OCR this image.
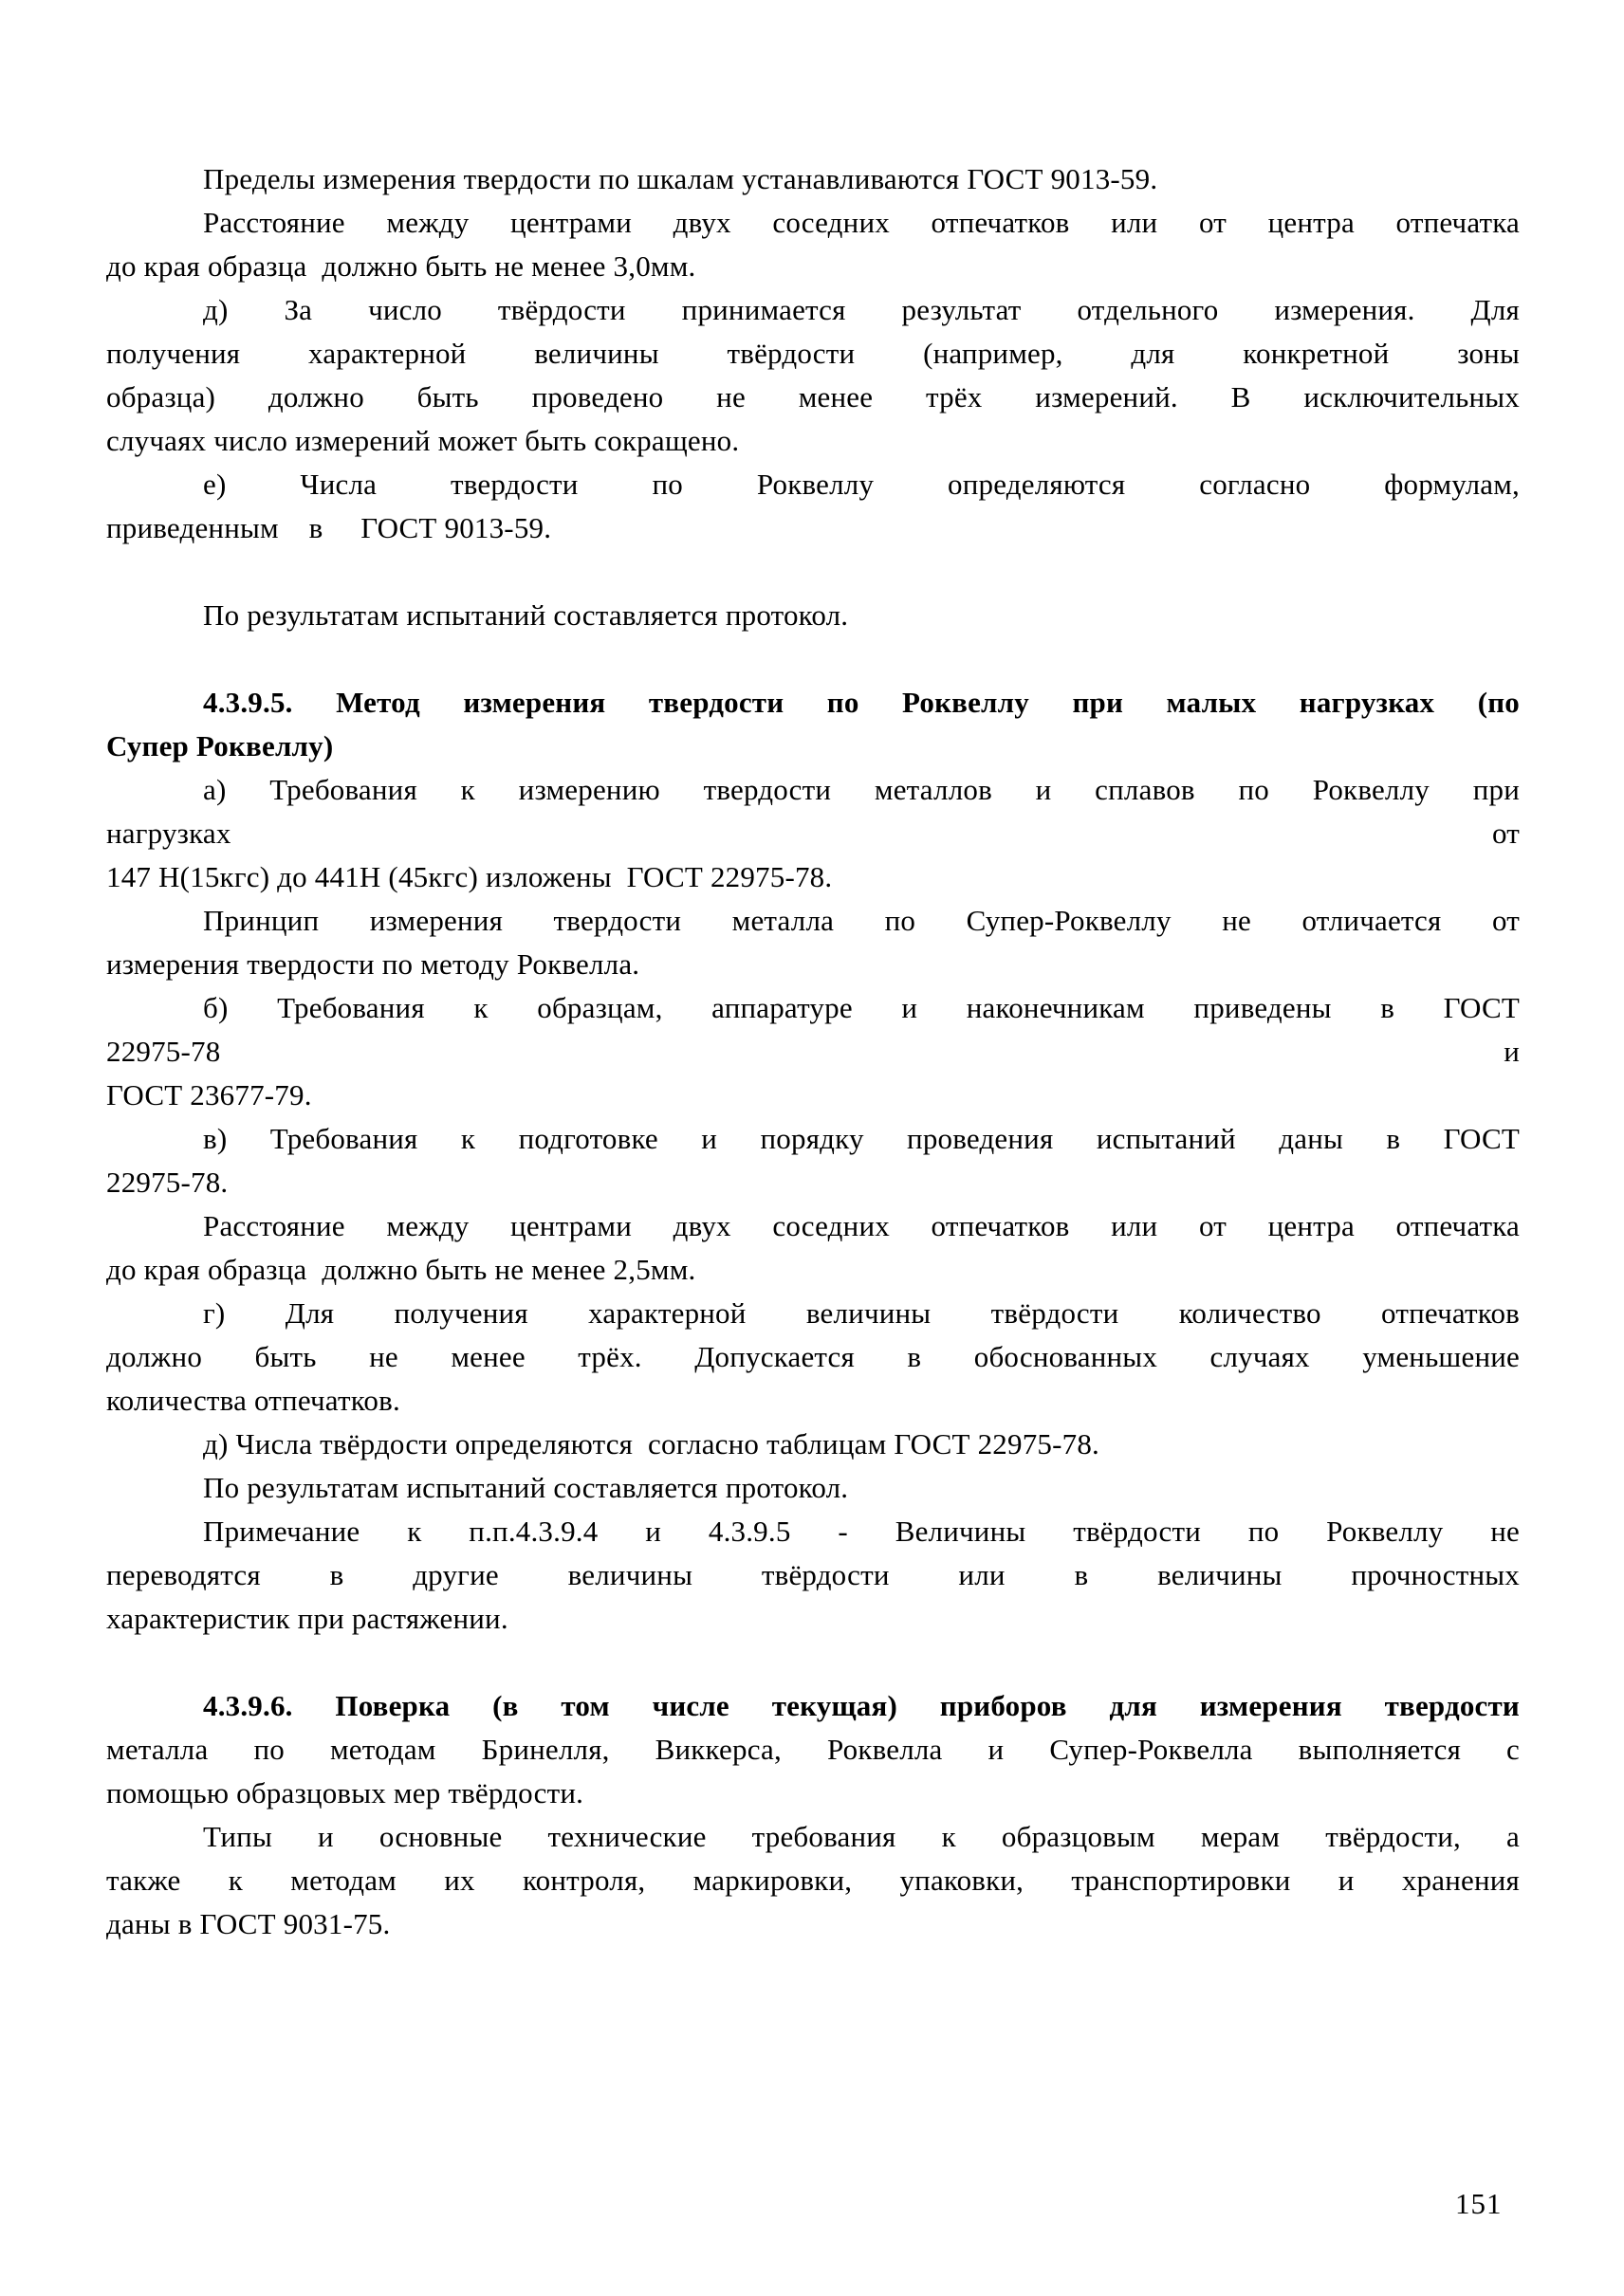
Пределы измерения твердости по шкалам устанавливаются ГОСТ 9013-59.
Расстояние между центрами двух соседних отпечатков или от центра отпечатка
до края образца  должно быть не менее 3,0мм.
д) За число твёрдости принимается результат отдельного измерения. Для
получения характерной величины твёрдости (например, для конкретной зоны
образца) должно быть проведено не менее трёх измерений. В исключительных
случаях число измерений может быть сокращено.
е) Числа твердости по Роквеллу определяются согласно формулам,
приведенным    в     ГОСТ 9013-59.
По результатам испытаний составляется протокол.
4.3.9.5. Метод измерения твердости по Роквеллу при малых нагрузках (по
Супер Роквеллу)
а) Требования к измерению твердости металлов и сплавов по Роквеллу при
нагрузках от
147 Н(15кгс) до 441Н (45кгс) изложены  ГОСТ 22975-78.
Принцип измерения твердости металла по Супер-Роквеллу не отличается от
измерения твердости по методу Роквелла.
б) Требования к образцам, аппаратуре и наконечникам приведены в ГОСТ
22975-78 и
ГОСТ 23677-79.
в) Требования к подготовке и порядку проведения испытаний даны в ГОСТ
22975-78.
Расстояние между центрами двух соседних отпечатков или от центра отпечатка
до края образца  должно быть не менее 2,5мм.
г) Для получения характерной величины твёрдости количество отпечатков
должно быть не менее трёх. Допускается в обоснованных случаях уменьшение
количества отпечатков.
д) Числа твёрдости определяются  согласно таблицам ГОСТ 22975-78.
По результатам испытаний составляется протокол.
Примечание к п.п.4.3.9.4 и 4.3.9.5 - Величины твёрдости по Роквеллу не
переводятся в другие величины твёрдости или в величины прочностных
характеристик при растяжении.
4.3.9.6. Поверка (в том числе текущая) приборов для измерения твердости
металла по методам Бринелля, Виккерса, Роквелла и Супер-Роквелла выполняется с
помощью образцовых мер твёрдости.
Типы и основные технические требования к образцовым мерам твёрдости, а
также к методам их контроля, маркировки, упаковки, транспортировки и хранения
даны в ГОСТ 9031-75.
151
